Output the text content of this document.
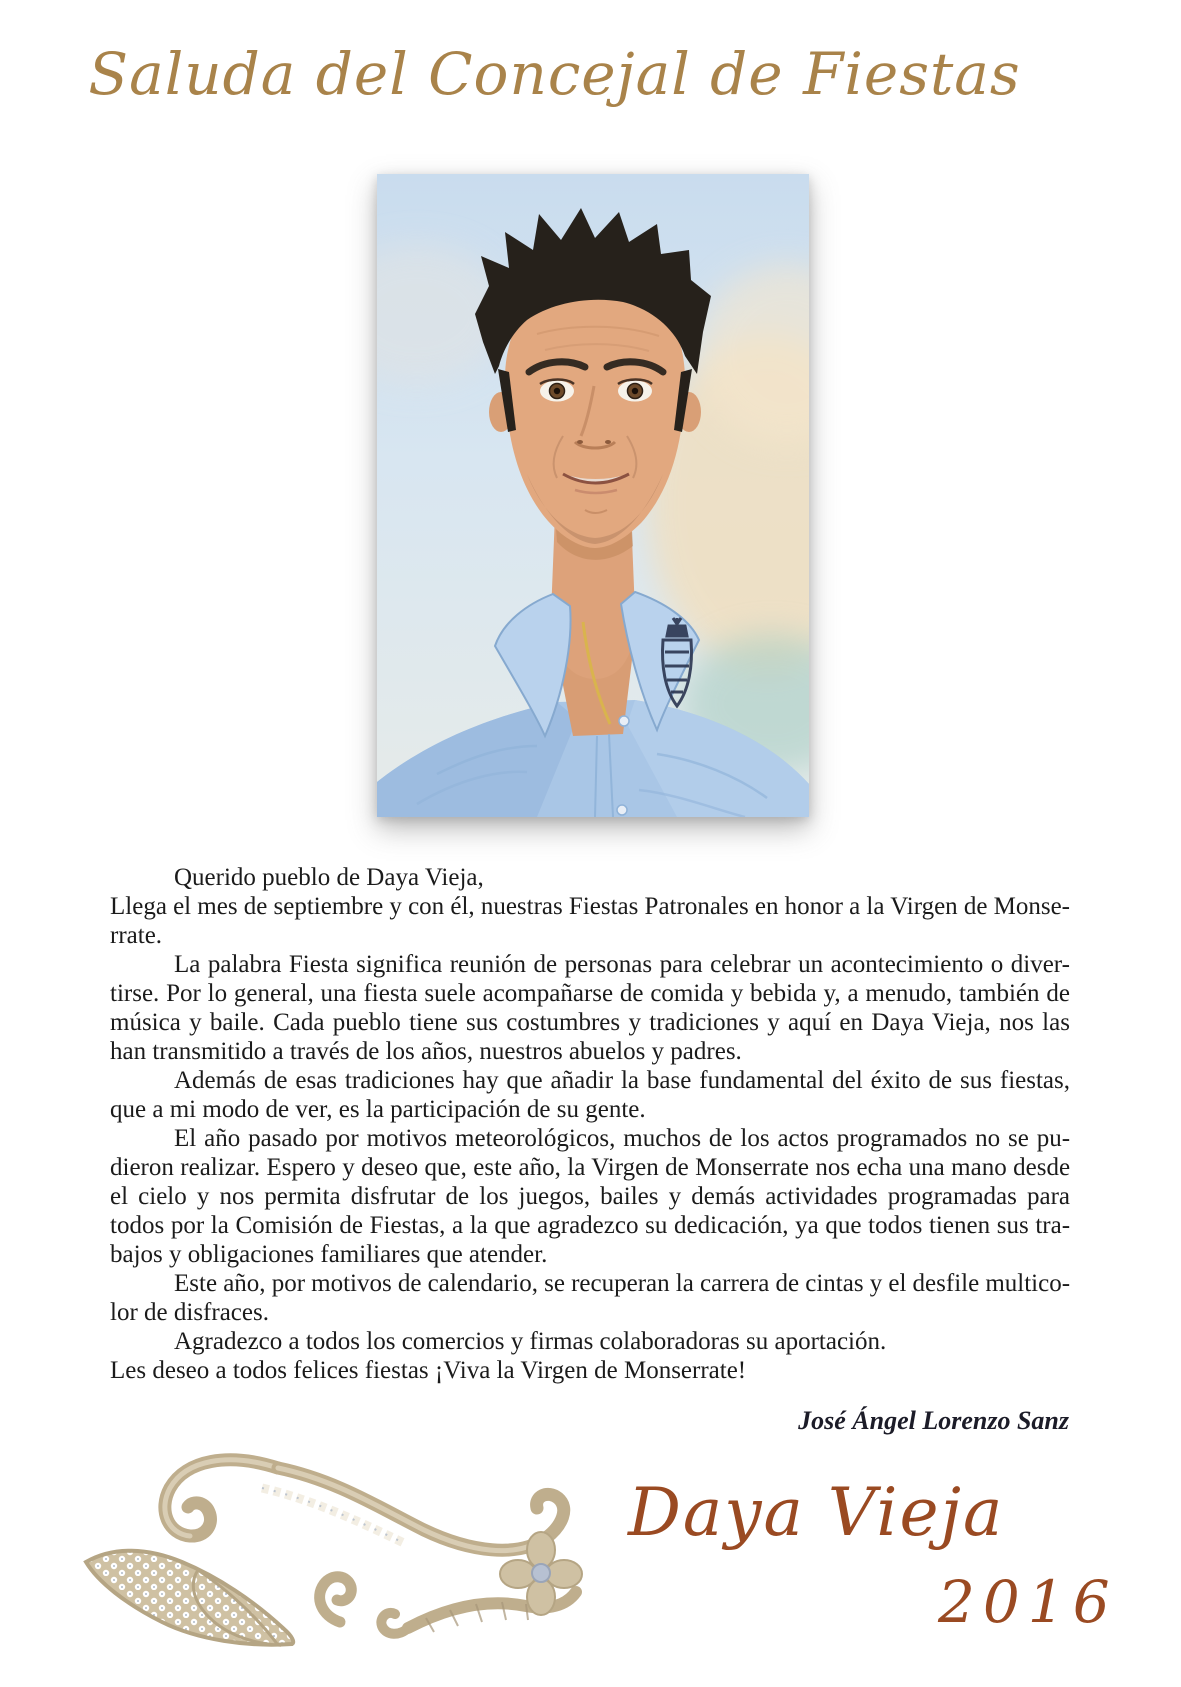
Saluda del Concejal de Fiestas
Querido pueblo de Daya Vieja,
Llega el mes de septiembre y con él, nuestras Fiestas Patronales en honor a la Virgen de Monse-
rrate.
La palabra Fiesta significa reunión de personas para celebrar un acontecimiento o diver-
tirse. Por lo general, una fiesta suele acompañarse de comida y bebida y, a menudo, también de
música y baile. Cada pueblo tiene sus costumbres y tradiciones y aquí en Daya Vieja, nos las
han transmitido a través de los años, nuestros abuelos y padres.
Además de esas tradiciones hay que añadir la base fundamental del éxito de sus fiestas,
que a mi modo de ver, es la participación de su gente.
El año pasado por motivos meteorológicos, muchos de los actos programados no se pu-
dieron realizar. Espero y deseo que, este año, la Virgen de Monserrate nos echa una mano desde
el cielo y nos permita disfrutar de los juegos, bailes y demás actividades programadas para
todos por la Comisión de Fiestas, a la que agradezco su dedicación, ya que todos tienen sus tra-
bajos y obligaciones familiares que atender.
Este año, por motivos de calendario, se recuperan la carrera de cintas y el desfile multico-
lor de disfraces.
Agradezco a todos los comercios y firmas colaboradoras su aportación.
Les deseo a todos felices fiestas ¡Viva la Virgen de Monserrate!
José Ángel Lorenzo Sanz
Daya Vieja
2016
